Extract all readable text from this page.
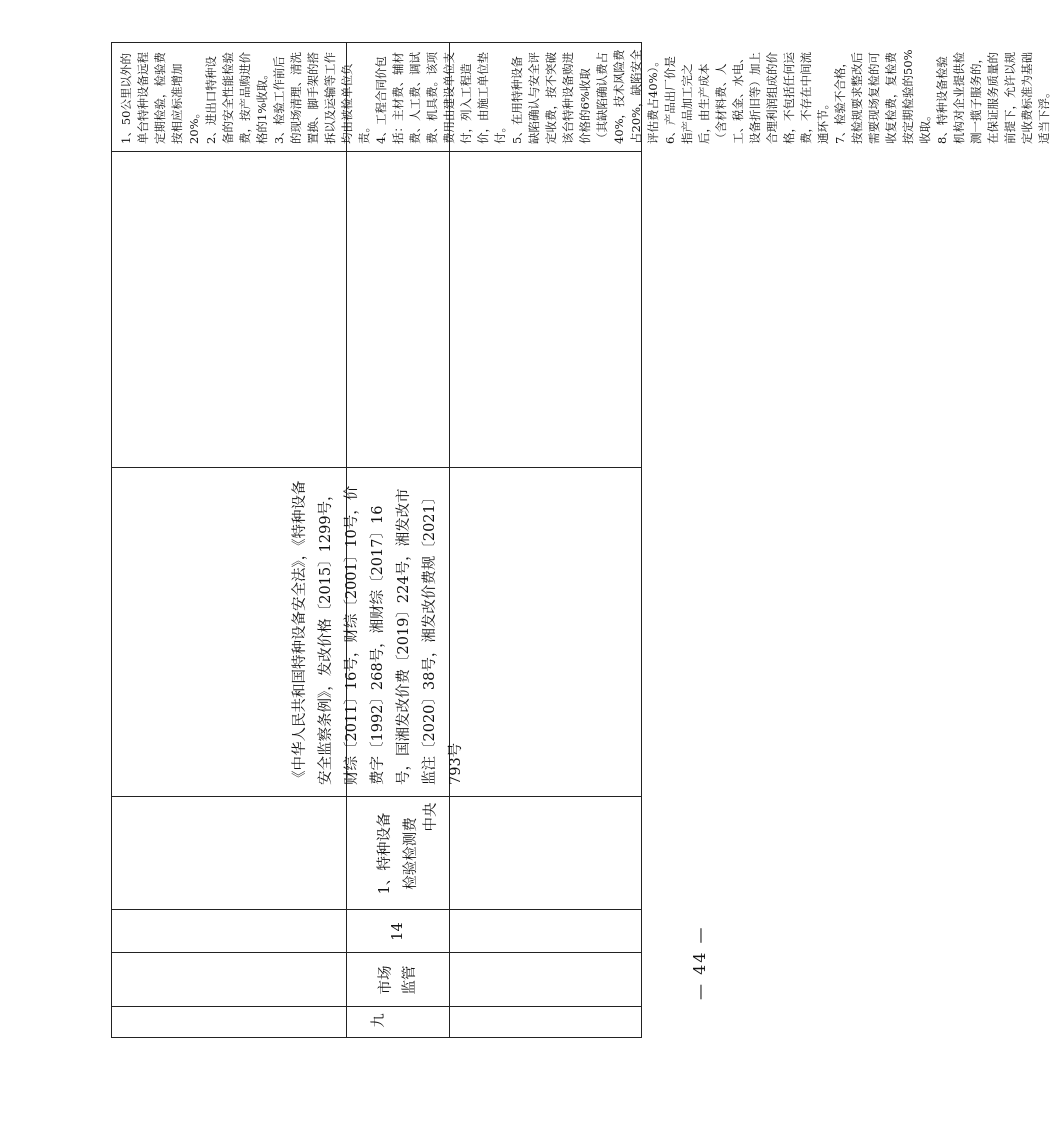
九
市场监管
14
1、特种设备检验检测费
中央
《中华人民共和国特种设备安全法》，《特种设备安全监察条例》，发改价格〔2015〕1299号，财综〔2011〕16号，财综〔2001〕10号，价费字〔1992〕268号，湘财综〔2017〕16号，国湘发改价费〔2019〕224号，湘发改市监注〔2020〕38号，湘发改价费规〔2021〕793号
1、50公里以外的单台特种设备远程定期检验，检验费按相应标准增加20%。 2、进出口特种设备的安全性能检验费，按产品购进价格的1%收取。 3、检验工作前后的现场清理、清洗置换、脚手架的搭拆以及运输等工作均由被检单位负责。 4、工程合同价包括：主材费、辅材费、人工费、调试费、机具费。该项费用由建设单位支付，列入工程造价，由施工单位垫付。 5、在用特种设备缺陷确认与安全评定收费，按不突破该台特种设备购进价格的6%收取（其缺陷确认费占40%，技术风险费占20%，缺陷安全评估费占40%）。 6、产品出厂价是指产品加工完之后，由生产成本（含材料费、人工、税金、水电、设备折旧等）加上合理利润组成的价格，不包括任何运费，不存在中间流通环节。 7、检验不合格，按检规要求整改后需要现场复检的可收复检费，复检费按定期检验的50%收取。 8、特种设备检验机构对企业提供检测一揽子服务的，在保证服务质量的前提下，允许以规定收费标准为基础适当下浮。
— 44 —
